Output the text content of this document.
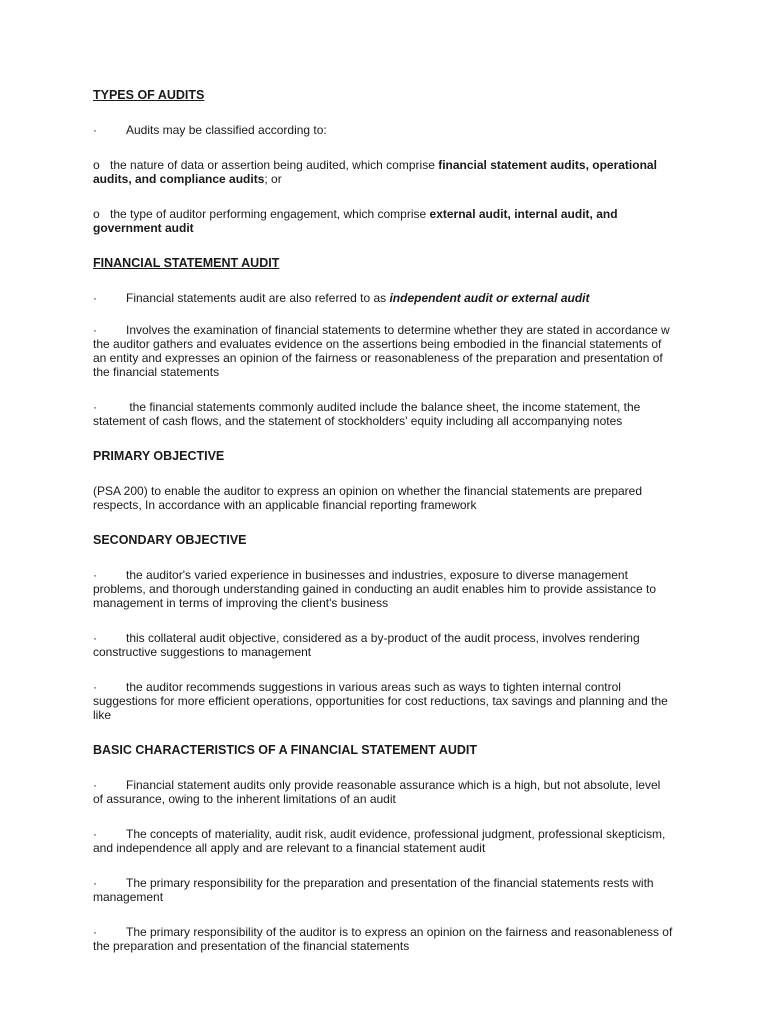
TYPES OF AUDITS

· Audits may be classified according to:

o the nature of data or assertion being audited, which comprise financial statement audits, operational audits, and compliance audits; or

o the type of auditor performing engagement, which comprise external audit, internal audit, and government audit

FINANCIAL STATEMENT AUDIT

· Financial statements audit are also referred to as independent audit or external audit

· Involves the examination of financial statements to determine whether they are stated in accordance w the auditor gathers and evaluates evidence on the assertions being embodied in the financial statements of an entity and expresses an opinion of the fairness or reasonableness of the preparation and presentation of the financial statements

· the financial statements commonly audited include the balance sheet, the income statement, the statement of cash flows, and the statement of stockholders' equity including all accompanying notes

PRIMARY OBJECTIVE

(PSA 200) to enable the auditor to express an opinion on whether the financial statements are prepared respects, In accordance with an applicable financial reporting framework

SECONDARY OBJECTIVE

· the auditor's varied experience in businesses and industries, exposure to diverse management problems, and thorough understanding gained in conducting an audit enables him to provide assistance to management in terms of improving the client's business

· this collateral audit objective, considered as a by-product of the audit process, involves rendering constructive suggestions to management

· the auditor recommends suggestions in various areas such as ways to tighten internal control suggestions for more efficient operations, opportunities for cost reductions, tax savings and planning and the like

BASIC CHARACTERISTICS OF A FINANCIAL STATEMENT AUDIT

· Financial statement audits only provide reasonable assurance which is a high, but not absolute, level of assurance, owing to the inherent limitations of an audit

· The concepts of materiality, audit risk, audit evidence, professional judgment, professional skepticism, and independence all apply and are relevant to a financial statement audit

· The primary responsibility for the preparation and presentation of the financial statements rests with management

· The primary responsibility of the auditor is to express an opinion on the fairness and reasonableness of the preparation and presentation of the financial statements
